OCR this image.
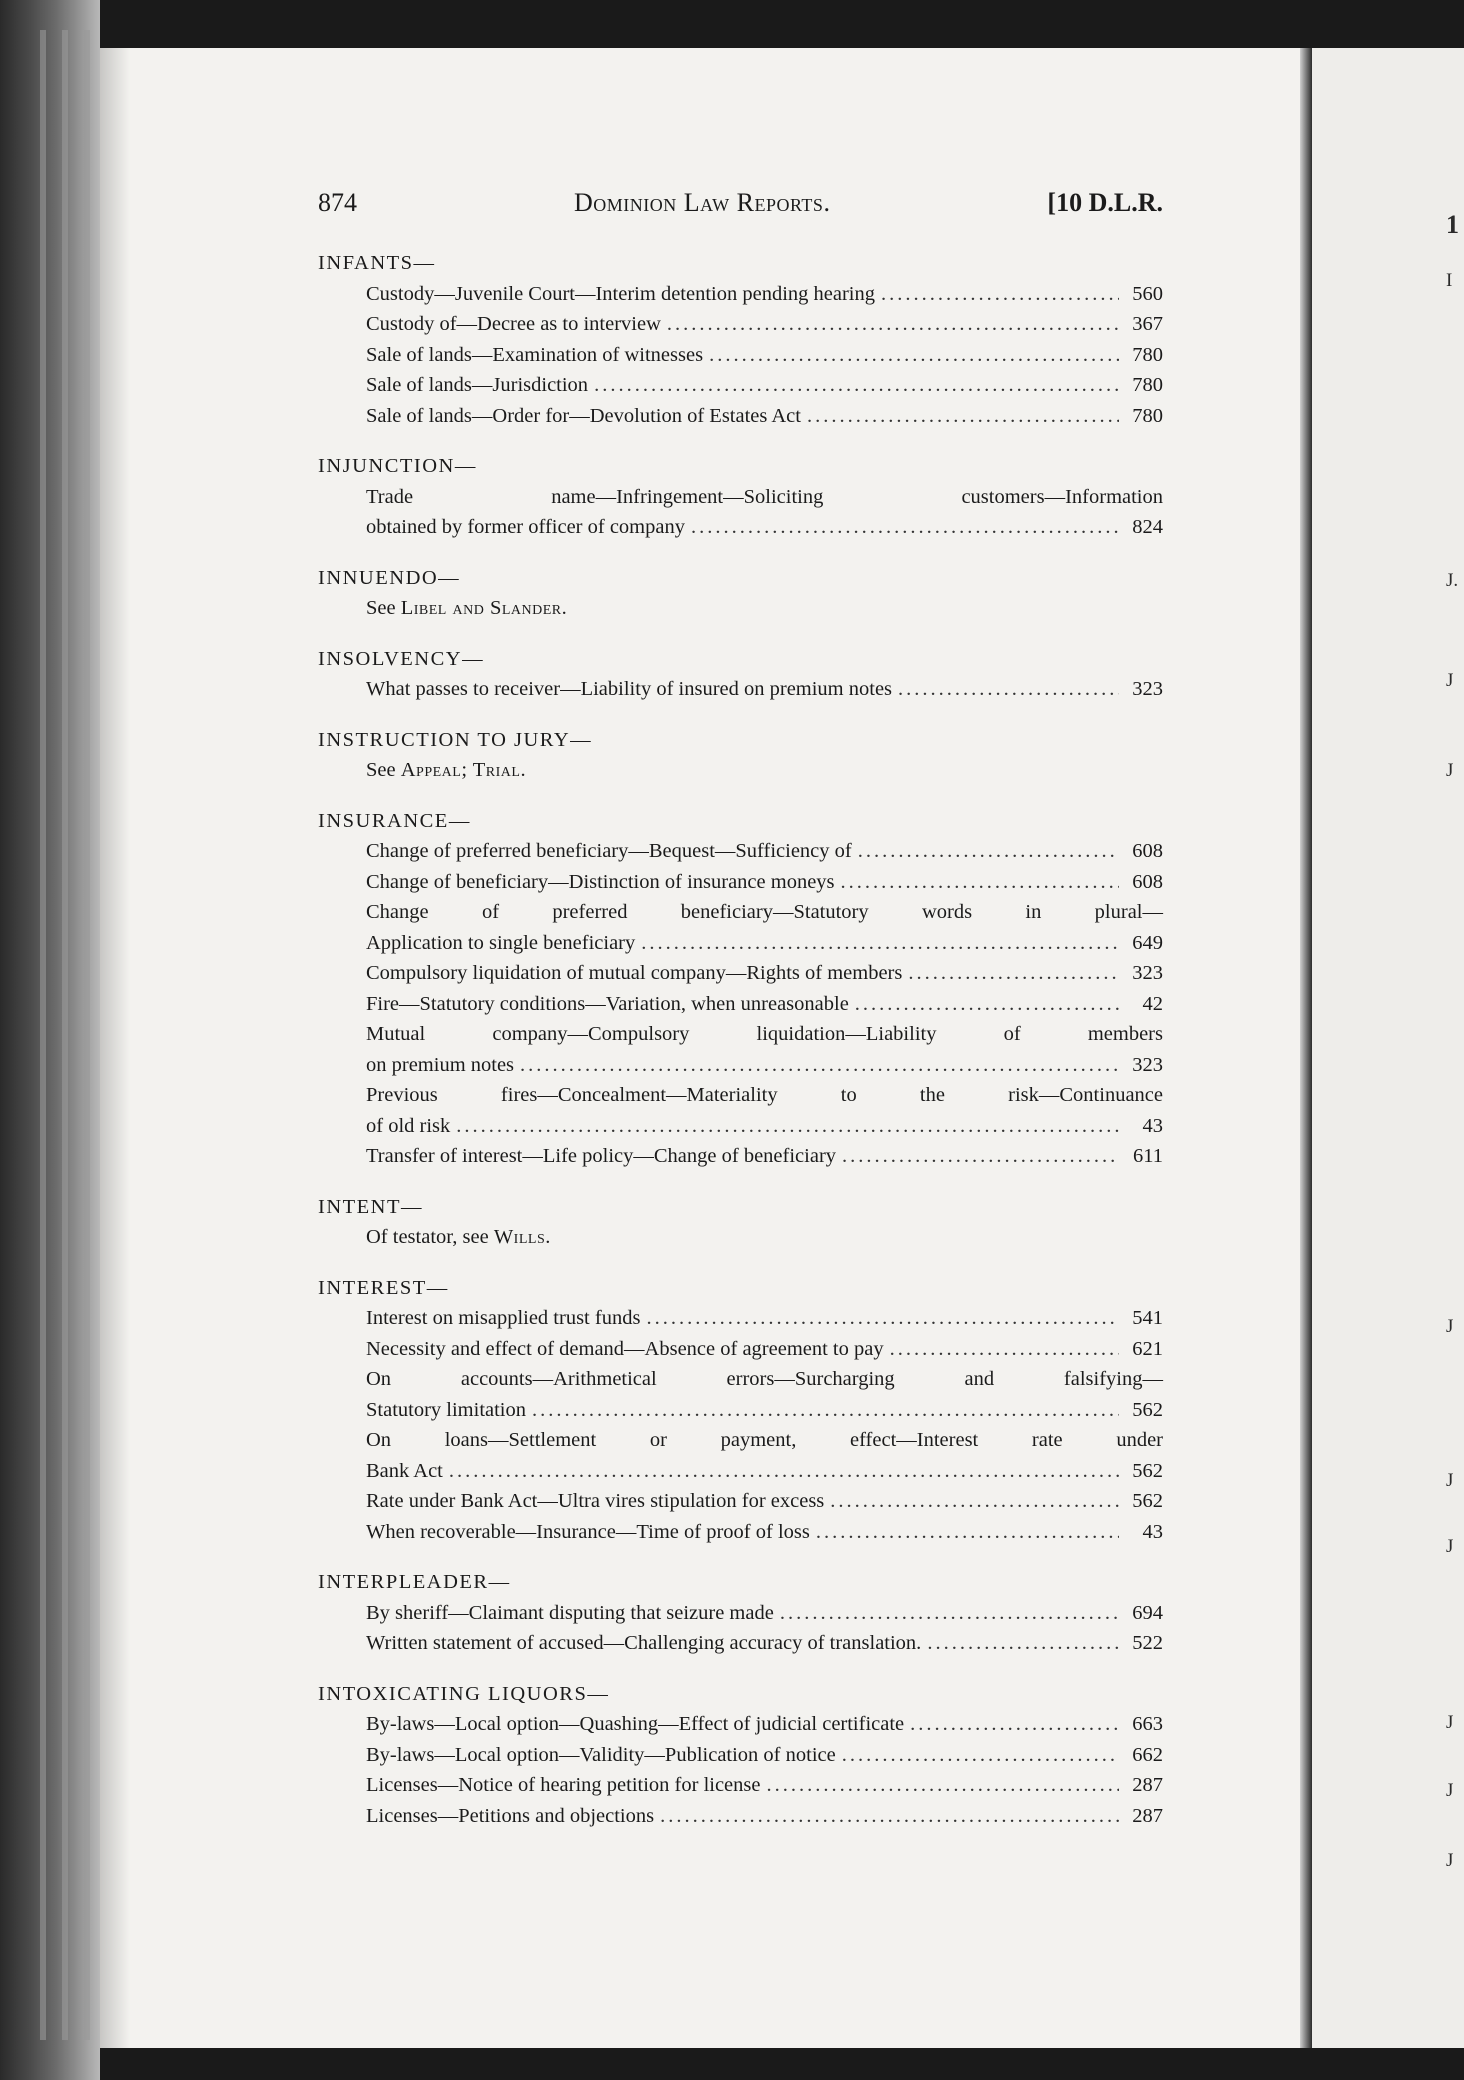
1
I
J.
J
J
J
J
J
J
J
J
874	Dominion Law Reports.	[10 D.L.R.
INFANTS—
Custody—Juvenile Court—Interim detention pending hearing .....	560
Custody of—Decree as to interview .....	367
Sale of lands—Examination of witnesses .....	780
Sale of lands—Jurisdiction .....	780
Sale of lands—Order for—Devolution of Estates Act .....	780
INJUNCTION—
Trade name—Infringement—Soliciting customers—Information
obtained by former officer of company .....	824
INNUENDO—
See Libel and Slander.
INSOLVENCY—
What passes to receiver—Liability of insured on premium notes .....	323
INSTRUCTION TO JURY—
See Appeal; Trial.
INSURANCE—
Change of preferred beneficiary—Bequest—Sufficiency of .....	608
Change of beneficiary—Distinction of insurance moneys .....	608
Change of preferred beneficiary—Statutory words in plural—
Application to single beneficiary .....	649
Compulsory liquidation of mutual company—Rights of members .....	323
Fire—Statutory conditions—Variation, when unreasonable .....	42
Mutual company—Compulsory liquidation—Liability of members
on premium notes .....	323
Previous fires—Concealment—Materiality to the risk—Continuance
of old risk .....	43
Transfer of interest—Life policy—Change of beneficiary .....	611
INTENT—
Of testator, see Wills.
INTEREST—
Interest on misapplied trust funds .....	541
Necessity and effect of demand—Absence of agreement to pay .....	621
On accounts—Arithmetical errors—Surcharging and falsifying—
Statutory limitation .....	562
On loans—Settlement or payment, effect—Interest rate under
Bank Act .....	562
Rate under Bank Act—Ultra vires stipulation for excess .....	562
When recoverable—Insurance—Time of proof of loss .....	43
INTERPLEADER—
By sheriff—Claimant disputing that seizure made .....	694
Written statement of accused—Challenging accuracy of translation. .....	522
INTOXICATING LIQUORS—
By-laws—Local option—Quashing—Effect of judicial certificate .....	663
By-laws—Local option—Validity—Publication of notice .....	662
Licenses—Notice of hearing petition for license .....	287
Licenses—Petitions and objections .....	287
